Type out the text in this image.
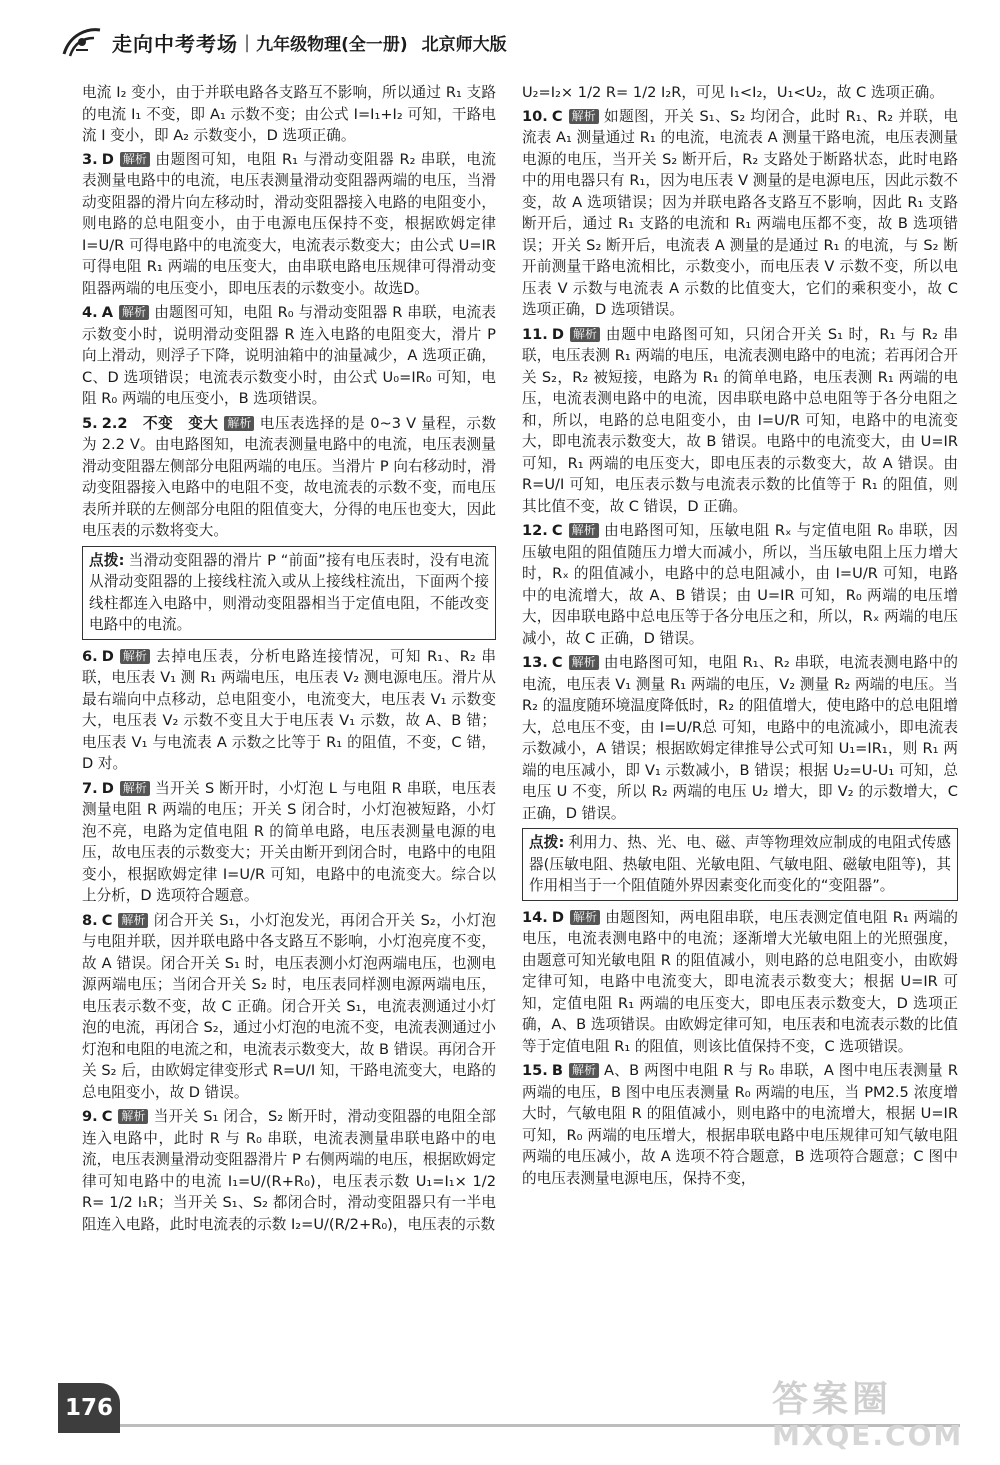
走向中考考场 | 九年级物理(全一册) 北京师大版
电流 I₂ 变小，由于并联电路各支路互不影响，所以通过 R₁ 支路的电流 I₁ 不变，即 A₁ 示数不变；由公式 I=I₁+I₂ 可知，干路电流 I 变小，即 A₂ 示数变小，D 选项正确。
3. D 解析 由题图可知，电阻 R₁ 与滑动变阻器 R₂ 串联，电流表测量电路中的电流，电压表测量滑动变阻器两端的电压，当滑动变阻器的滑片向左移动时，滑动变阻器接入电路的电阻变小，则电路的总电阻变小，由于电源电压保持不变，根据欧姆定律 I=U/R 可得电路中的电流变大，电流表示数变大；由公式 U=IR 可得电阻 R₁ 两端的电压变大，由串联电路电压规律可得滑动变阻器两端的电压变小，即电压表的示数变小。故选D。
4. A 解析 由题图可知，电阻 R₀ 与滑动变阻器 R 串联，电流表示数变小时，说明滑动变阻器 R 连入电路的电阻变大，滑片 P 向上滑动，则浮子下降，说明油箱中的油量减少，A 选项正确，C、D 选项错误；电流表示数变小时，由公式 U₀=IR₀ 可知，电阻 R₀ 两端的电压变小，B 选项错误。
5. 2.2　不变　变大 解析 电压表选择的是 0~3 V 量程，示数为 2.2 V。由电路图知，电流表测量电路中的电流，电压表测量滑动变阻器左侧部分电阻两端的电压。当滑片 P 向右移动时，滑动变阻器接入电路中的电阻不变，故电流表的示数不变，而电压表所并联的左侧部分电阻的阻值变大，分得的电压也变大，因此电压表的示数将变大。
点拨: 当滑动变阻器的滑片 P “前面”接有电压表时，没有电流从滑动变阻器的上接线柱流入或从上接线柱流出，下面两个接线柱都连入电路中，则滑动变阻器相当于定值电阻，不能改变电路中的电流。
6. D 解析 去掉电压表，分析电路连接情况，可知 R₁、R₂ 串联，电压表 V₁ 测 R₁ 两端电压，电压表 V₂ 测电源电压。滑片从最右端向中点移动，总电阻变小，电流变大，电压表 V₁ 示数变大，电压表 V₂ 示数不变且大于电压表 V₁ 示数，故 A、B 错；电压表 V₁ 与电流表 A 示数之比等于 R₁ 的阻值，不变，C 错，D 对。
7. D 解析 当开关 S 断开时，小灯泡 L 与电阻 R 串联，电压表测量电阻 R 两端的电压；开关 S 闭合时，小灯泡被短路，小灯泡不亮，电路为定值电阻 R 的简单电路，电压表测量电源的电压，故电压表的示数变大；开关由断开到闭合时，电路中的电阻变小，根据欧姆定律 I=U/R 可知，电路中的电流变大。综合以上分析，D 选项符合题意。
8. C 解析 闭合开关 S₁，小灯泡发光，再闭合开关 S₂，小灯泡与电阻并联，因并联电路中各支路互不影响，小灯泡亮度不变，故 A 错误。闭合开关 S₁ 时，电压表测小灯泡两端电压，也测电源两端电压；当闭合开关 S₂ 时，电压表同样测电源两端电压，电压表示数不变，故 C 正确。闭合开关 S₁，电流表测通过小灯泡的电流，再闭合 S₂，通过小灯泡的电流不变，电流表测通过小灯泡和电阻的电流之和，电流表示数变大，故 B 错误。再闭合开关 S₂ 后，由欧姆定律变形式 R=U/I 知，干路电流变大，电路的总电阻变小，故 D 错误。
9. C 解析 当开关 S₁ 闭合，S₂ 断开时，滑动变阻器的电阻全部连入电路中，此时 R 与 R₀ 串联，电流表测量串联电路中的电流，电压表测量滑动变阻器滑片 P 右侧两端的电压，根据欧姆定律可知电路中的电流 I₁=U/(R+R₀)，电压表示数 U₁=I₁× 1/2 R= 1/2 I₁R；当开关 S₁、S₂ 都闭合时，滑动变阻器只有一半电阻连入电路，此时电流表的示数 I₂=U/(R/2+R₀)，电压表的示数
U₂=I₂× 1/2 R= 1/2 I₂R，可见 I₁<I₂，U₁<U₂，故 C 选项正确。
10. C 解析 如题图，开关 S₁、S₂ 均闭合，此时 R₁、R₂ 并联，电流表 A₁ 测量通过 R₁ 的电流，电流表 A 测量干路电流，电压表测量电源的电压，当开关 S₂ 断开后，R₂ 支路处于断路状态，此时电路中的用电器只有 R₁，因为电压表 V 测量的是电源电压，因此示数不变，故 A 选项错误；因为并联电路各支路互不影响，因此 R₁ 支路断开后，通过 R₁ 支路的电流和 R₁ 两端电压都不变，故 B 选项错误；开关 S₂ 断开后，电流表 A 测量的是通过 R₁ 的电流，与 S₂ 断开前测量干路电流相比，示数变小，而电压表 V 示数不变，所以电压表 V 示数与电流表 A 示数的比值变大，它们的乘积变小，故 C 选项正确，D 选项错误。
11. D 解析 由题中电路图可知，只闭合开关 S₁ 时，R₁ 与 R₂ 串联，电压表测 R₁ 两端的电压，电流表测电路中的电流；若再闭合开关 S₂，R₂ 被短接，电路为 R₁ 的简单电路，电压表测 R₁ 两端的电压，电流表测电路中的电流，因串联电路中总电阻等于各分电阻之和，所以，电路的总电阻变小，由 I=U/R 可知，电路中的电流变大，即电流表示数变大，故 B 错误。电路中的电流变大，由 U=IR 可知，R₁ 两端的电压变大，即电压表的示数变大，故 A 错误。由 R=U/I 可知，电压表示数与电流表示数的比值等于 R₁ 的阻值，则其比值不变，故 C 错误，D 正确。
12. C 解析 由电路图可知，压敏电阻 Rₓ 与定值电阻 R₀ 串联，因压敏电阻的阻值随压力增大而减小，所以，当压敏电阻上压力增大时，Rₓ 的阻值减小，电路中的总电阻减小，由 I=U/R 可知，电路中的电流增大，故 A、B 错误；由 U=IR 可知，R₀ 两端的电压增大，因串联电路中总电压等于各分电压之和，所以，Rₓ 两端的电压减小，故 C 正确，D 错误。
13. C 解析 由电路图可知，电阻 R₁、R₂ 串联，电流表测电路中的电流，电压表 V₁ 测量 R₁ 两端的电压，V₂ 测量 R₂ 两端的电压。当 R₂ 的温度随环境温度降低时，R₂ 的阻值增大，使电路中的总电阻增大，总电压不变，由 I=U/R总 可知，电路中的电流减小，即电流表示数减小，A 错误；根据欧姆定律推导公式可知 U₁=IR₁，则 R₁ 两端的电压减小，即 V₁ 示数减小，B 错误；根据 U₂=U-U₁ 可知，总电压 U 不变，所以 R₂ 两端的电压 U₂ 增大，即 V₂ 的示数增大，C 正确，D 错误。
点拨: 利用力、热、光、电、磁、声等物理效应制成的电阻式传感器(压敏电阻、热敏电阻、光敏电阻、气敏电阻、磁敏电阻等)，其作用相当于一个阻值随外界因素变化而变化的“变阻器”。
14. D 解析 由题图知，两电阻串联，电压表测定值电阻 R₁ 两端的电压，电流表测电路中的电流；逐渐增大光敏电阻上的光照强度，由题意可知光敏电阻 R 的阻值减小，则电路的总电阻变小，由欧姆定律可知，电路中电流变大，即电流表示数变大；根据 U=IR 可知，定值电阻 R₁ 两端的电压变大，即电压表示数变大，D 选项正确，A、B 选项错误。由欧姆定律可知，电压表和电流表示数的比值等于定值电阻 R₁ 的阻值，则该比值保持不变，C 选项错误。
15. B 解析 A、B 两图中电阻 R 与 R₀ 串联，A 图中电压表测量 R 两端的电压，B 图中电压表测量 R₀ 两端的电压，当 PM2.5 浓度增大时，气敏电阻 R 的阻值减小，则电路中的电流增大，根据 U=IR 可知，R₀ 两端的电压增大，根据串联电路中电压规律可知气敏电阻两端的电压减小，故 A 选项不符合题意，B 选项符合题意；C 图中的电压表测量电源电压，保持不变，
176	答案圈
MXQE.COM
